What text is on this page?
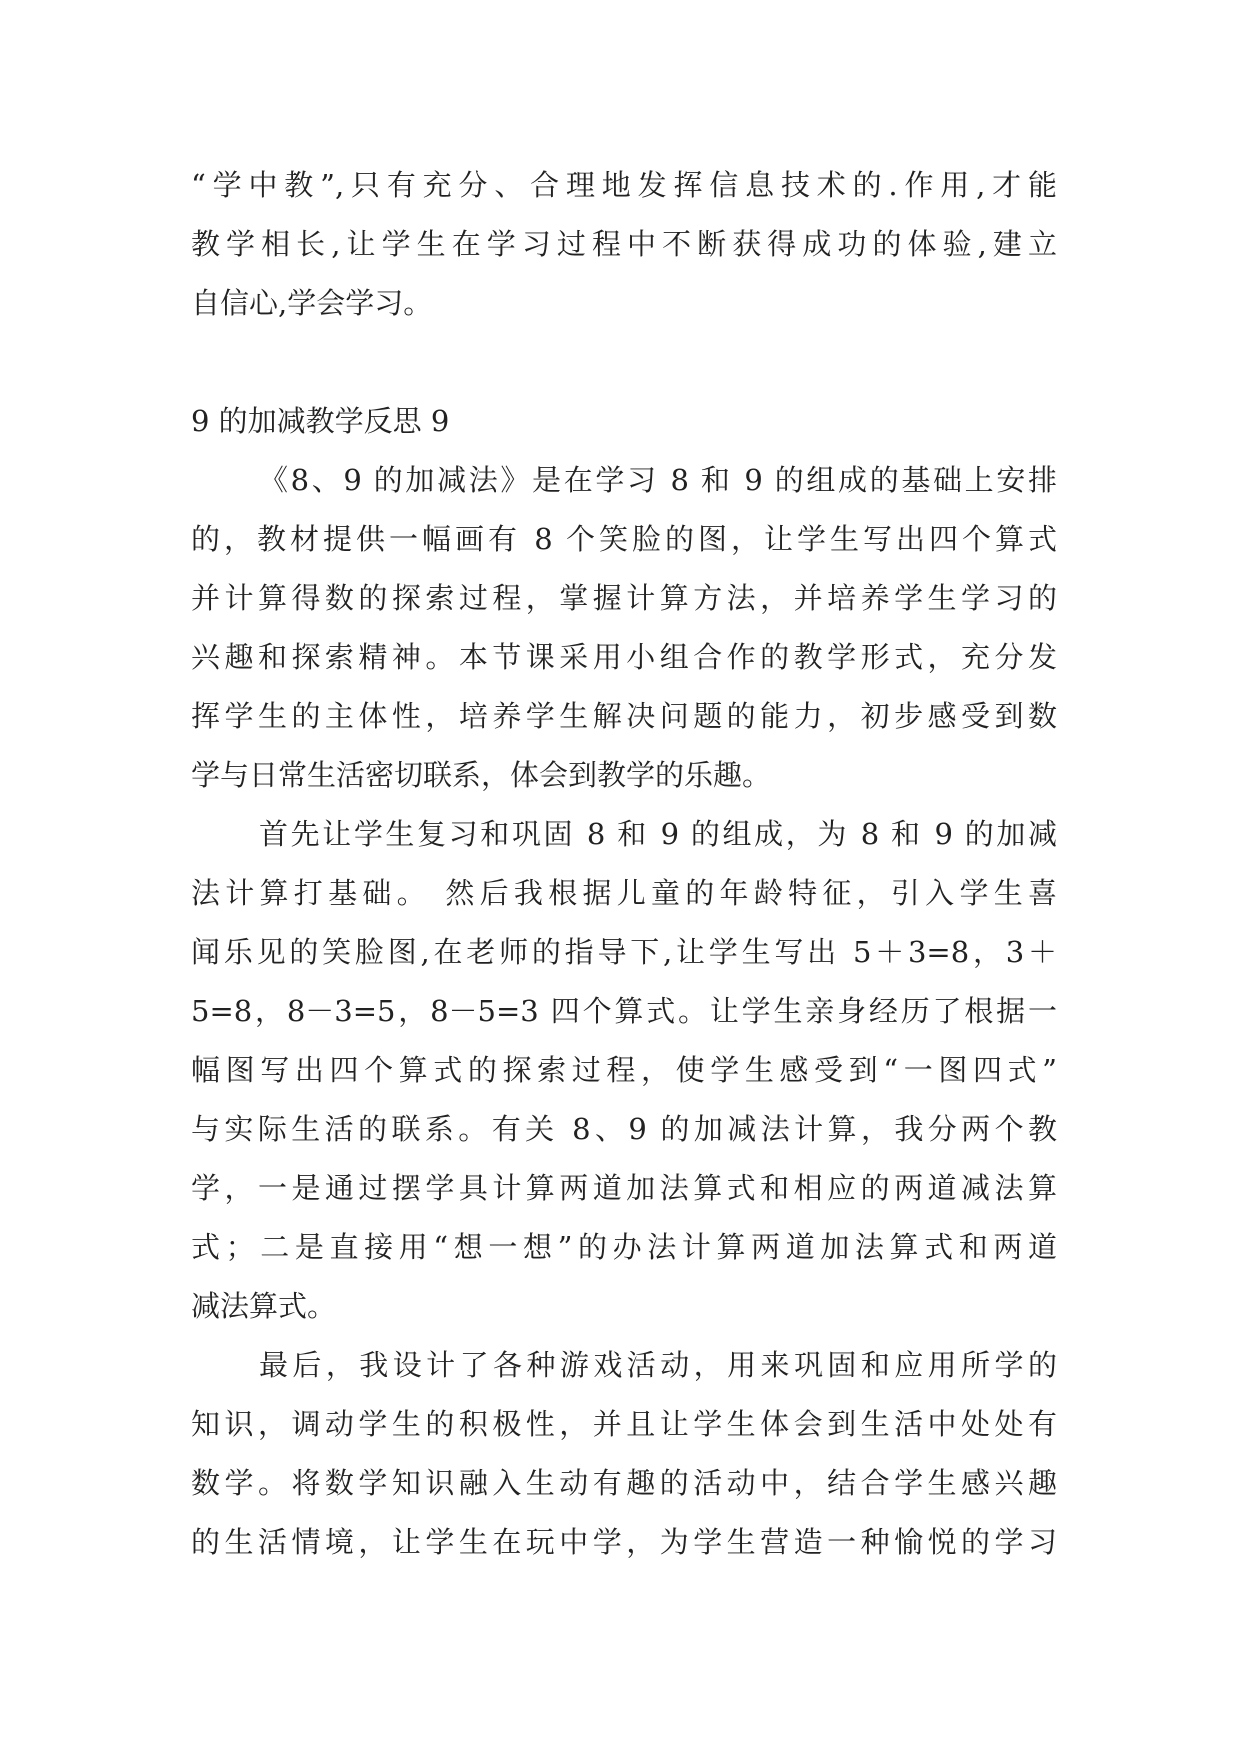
“学中教”,只有充分、合理地发挥信息技术的.作用,才能
教学相长,让学生在学习过程中不断获得成功的体验,建立
自信心,学会学习。
9 的加减教学反思 9
《8、9 的加减法》是在学习 8 和 9 的组成的基础上安排
的，教材提供一幅画有 8 个笑脸的图，让学生写出四个算式
并计算得数的探索过程，掌握计算方法，并培养学生学习的
兴趣和探索精神。本节课采用小组合作的教学形式，充分发
挥学生的主体性，培养学生解决问题的能力，初步感受到数
学与日常生活密切联系，体会到教学的乐趣。
首先让学生复习和巩固 8 和 9 的组成，为 8 和 9 的加减
法计算打基础。 然后我根据儿童的年龄特征，引入学生喜
闻乐见的笑脸图,在老师的指导下,让学生写出 5＋3=8，3＋
5=8，8－3=5，8－5=3 四个算式。让学生亲身经历了根据一
幅图写出四个算式的探索过程，使学生感受到“一图四式”
与实际生活的联系。有关 8、9 的加减法计算，我分两个教
学，一是通过摆学具计算两道加法算式和相应的两道减法算
式；二是直接用“想一想”的办法计算两道加法算式和两道
减法算式。
最后，我设计了各种游戏活动，用来巩固和应用所学的
知识，调动学生的积极性，并且让学生体会到生活中处处有
数学。将数学知识融入生动有趣的活动中，结合学生感兴趣
的生活情境，让学生在玩中学，为学生营造一种愉悦的学习
